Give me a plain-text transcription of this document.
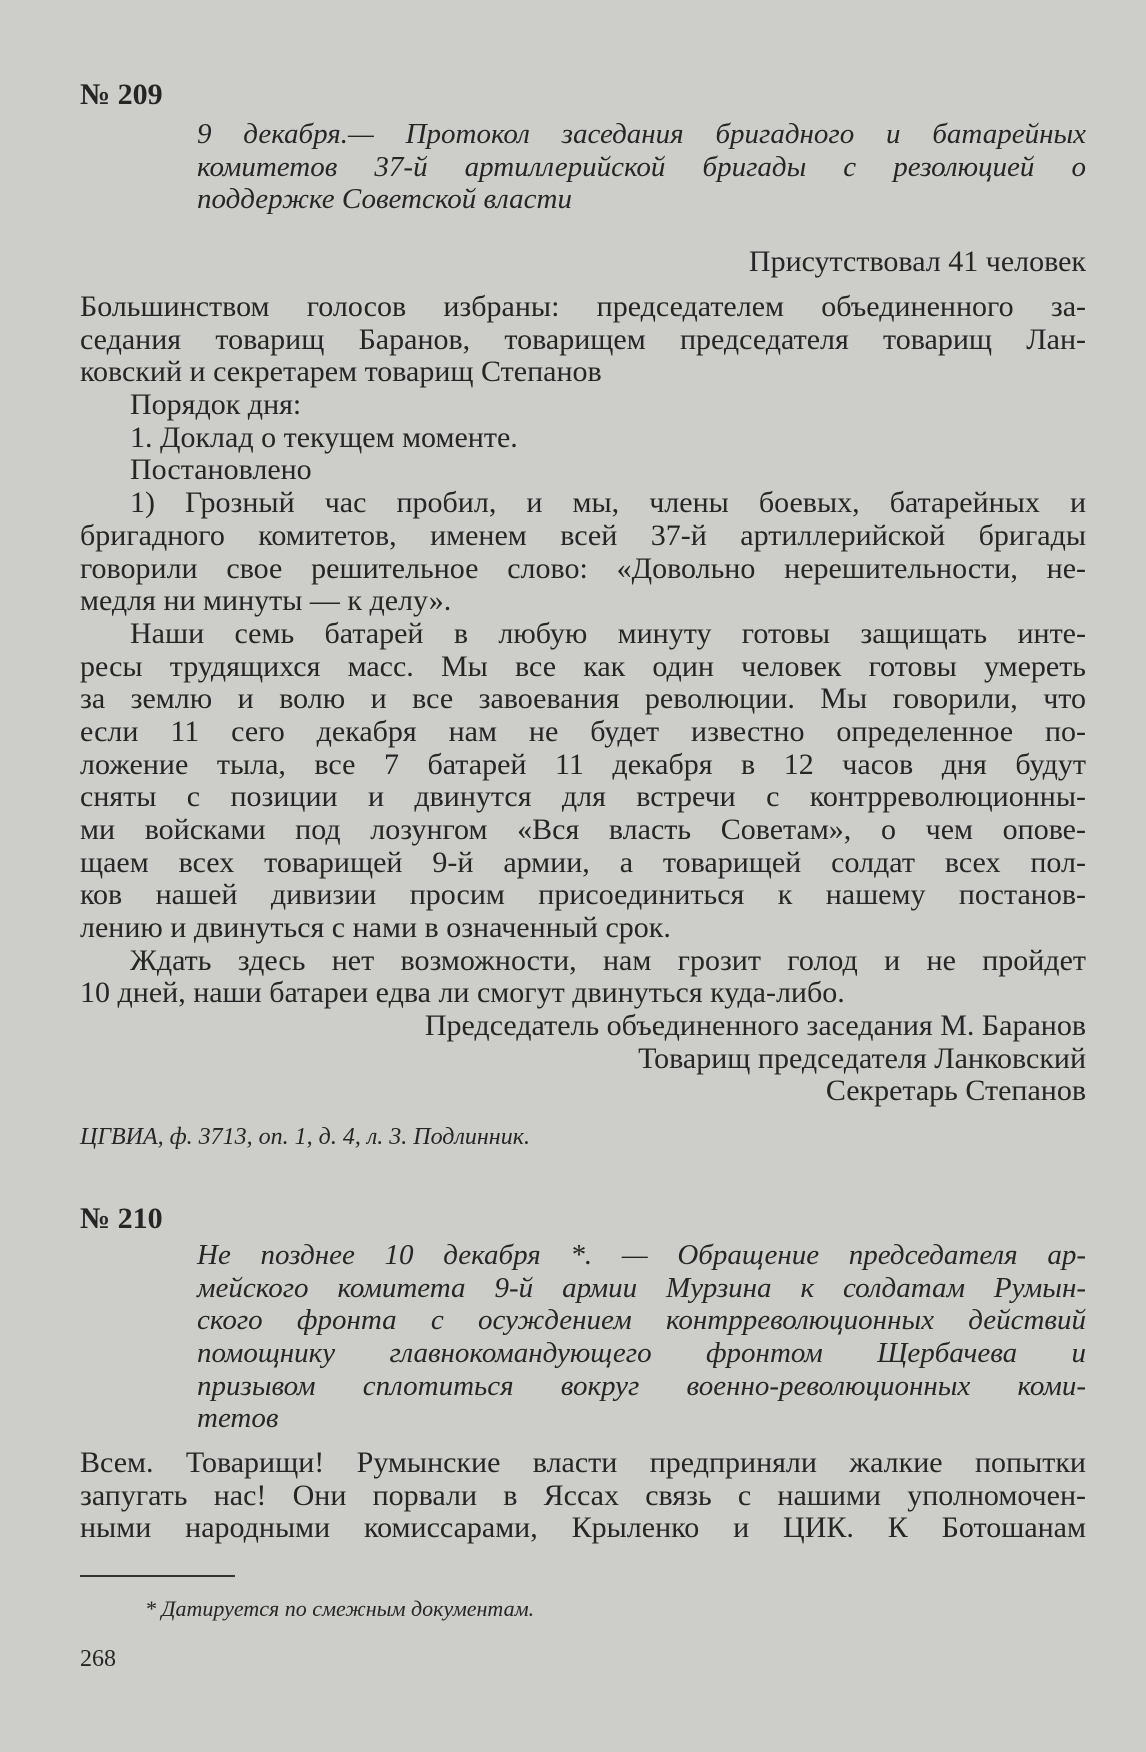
№ 209
9 декабря.— Протокол заседания бригадного и батарейных
комитетов 37-й артиллерийской бригады с резолюцией о
поддержке Советской власти
Присутствовал 41 человек
Большинством голосов избраны: председателем объединенного за-
седания товарищ Баранов, товарищем председателя товарищ Лан-
ковский и секретарем товарищ Степанов
Порядок дня:
1. Доклад о текущем моменте.
Постановлено
1) Грозный час пробил, и мы, члены боевых, батарейных и
бригадного комитетов, именем всей 37-й артиллерийской бригады
говорили свое решительное слово: «Довольно нерешительности, не-
медля ни минуты — к делу».
Наши семь батарей в любую минуту готовы защищать инте-
ресы трудящихся масс. Мы все как один человек готовы умереть
за землю и волю и все завоевания революции. Мы говорили, что
если 11 сего декабря нам не будет известно определенное по-
ложение тыла, все 7 батарей 11 декабря в 12 часов дня будут
сняты с позиции и двинутся для встречи с контрреволюционны-
ми войсками под лозунгом «Вся власть Советам», о чем опове-
щаем всех товарищей 9-й армии, а товарищей солдат всех пол-
ков нашей дивизии просим присоединиться к нашему постанов-
лению и двинуться с нами в означенный срок.
Ждать здесь нет возможности, нам грозит голод и не пройдет
10 дней, наши батареи едва ли смогут двинуться куда-либо.
Председатель объединенного заседания М. Баранов
Товарищ председателя Ланковский
Секретарь Степанов
ЦГВИА, ф. 3713, оп. 1, д. 4, л. 3. Подлинник.
№ 210
Не позднее 10 декабря *. — Обращение председателя ар-
мейского комитета 9-й армии Мурзина к солдатам Румын-
ского фронта с осуждением контрреволюционных действий
помощнику главнокомандующего фронтом Щербачева и
призывом сплотиться вокруг военно-революционных коми-
тетов
Всем. Товарищи! Румынские власти предприняли жалкие попытки
запугать нас! Они порвали в Яссах связь с нашими уполномочен-
ными народными комиссарами, Крыленко и ЦИК. К Ботошанам
* Датируется по смежным документам.
268
